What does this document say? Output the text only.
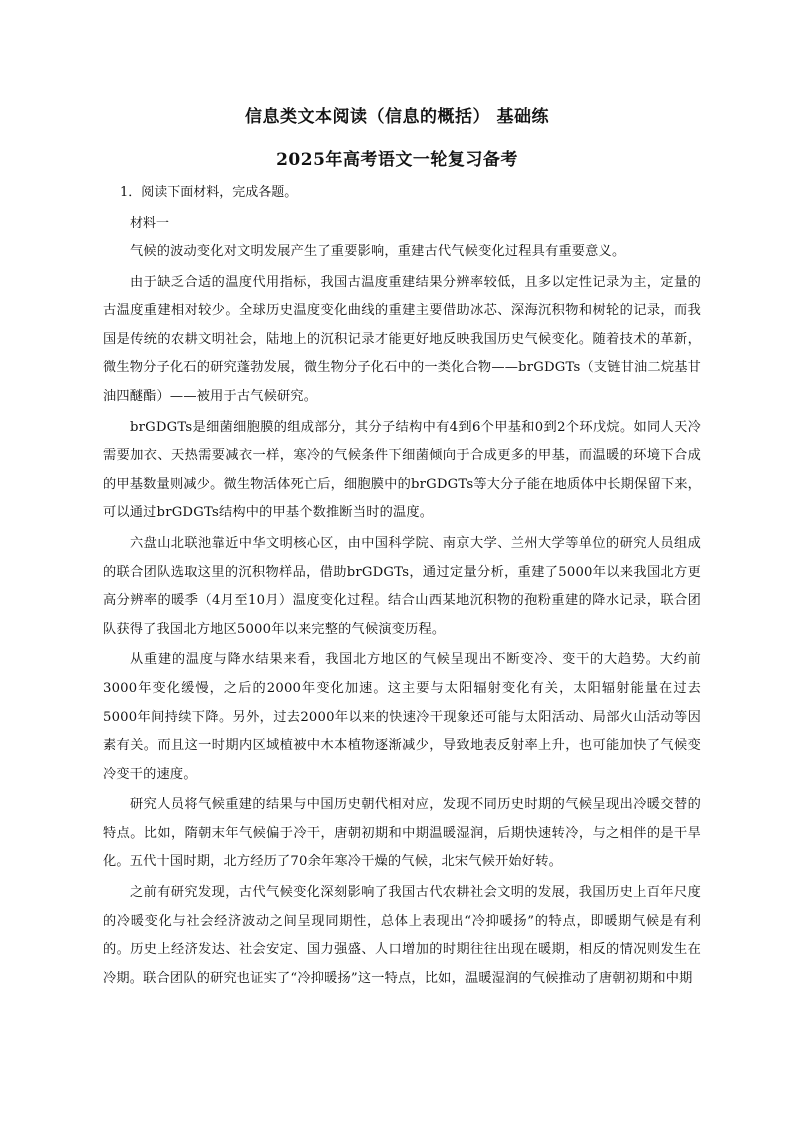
信息类文本阅读（信息的概括） 基础练
2025年高考语文一轮复习备考
1．阅读下面材料，完成各题。
材料一

气候的波动变化对文明发展产生了重要影响，重建古代气候变化过程具有重要意义。

由于缺乏合适的温度代用指标，我国古温度重建结果分辨率较低，且多以定性记录为主，定量的古温度重建相对较少。全球历史温度变化曲线的重建主要借助冰芯、深海沉积物和树轮的记录，而我国是传统的农耕文明社会，陆地上的沉积记录才能更好地反映我国历史气候变化。随着技术的革新，微生物分子化石的研究蓬勃发展，微生物分子化石中的一类化合物——brGDGTs（支链甘油二烷基甘油四醚酯）——被用于古气候研究。

brGDGTs是细菌细胞膜的组成部分，其分子结构中有4到6个甲基和0到2个环戊烷。如同人天冷需要加衣、天热需要减衣一样，寒冷的气候条件下细菌倾向于合成更多的甲基，而温暖的环境下合成的甲基数量则减少。微生物活体死亡后，细胞膜中的brGDGTs等大分子能在地质体中长期保留下来，可以通过brGDGTs结构中的甲基个数推断当时的温度。

六盘山北联池靠近中华文明核心区，由中国科学院、南京大学、兰州大学等单位的研究人员组成的联合团队选取这里的沉积物样品，借助brGDGTs，通过定量分析，重建了5000年以来我国北方更高分辨率的暖季（4月至10月）温度变化过程。结合山西某地沉积物的孢粉重建的降水记录，联合团队获得了我国北方地区5000年以来完整的气候演变历程。

从重建的温度与降水结果来看，我国北方地区的气候呈现出不断变冷、变干的大趋势。大约前3000年变化缓慢，之后的2000年变化加速。这主要与太阳辐射变化有关，太阳辐射能量在过去5000年间持续下降。另外，过去2000年以来的快速冷干现象还可能与太阳活动、局部火山活动等因素有关。而且这一时期内区域植被中木本植物逐渐减少，导致地表反射率上升，也可能加快了气候变冷变干的速度。

研究人员将气候重建的结果与中国历史朝代相对应，发现不同历史时期的气候呈现出冷暖交替的特点。比如，隋朝末年气候偏于冷干，唐朝初期和中期温暖湿润，后期快速转冷，与之相伴的是干旱化。五代十国时期，北方经历了70余年寒冷干燥的气候，北宋气候开始好转。

之前有研究发现，古代气候变化深刻影响了我国古代农耕社会文明的发展，我国历史上百年尺度的冷暖变化与社会经济波动之间呈现同期性，总体上表现出“冷抑暖扬”的特点，即暖期气候是有利的。历史上经济发达、社会安定、国力强盛、人口增加的时期往往出现在暖期，相反的情况则发生在冷期。联合团队的研究也证实了“冷抑暖扬”这一特点，比如，温暖湿润的气候推动了唐朝初期和中期
